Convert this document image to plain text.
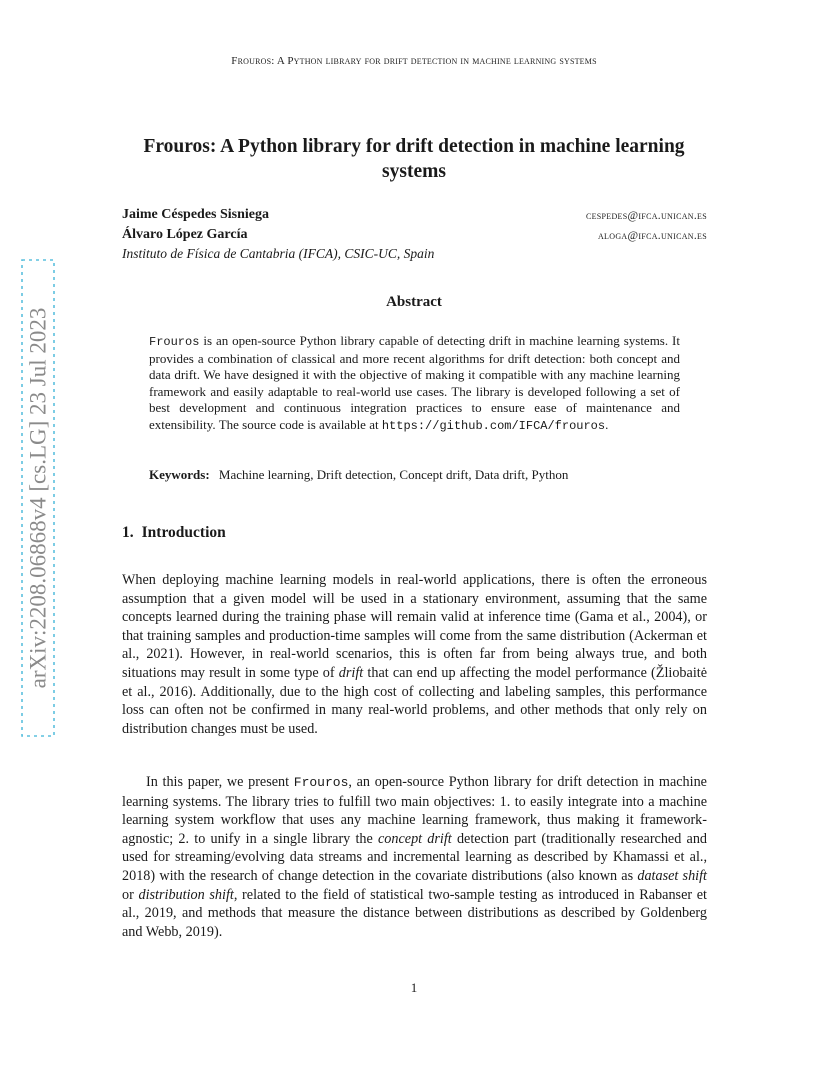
Frouros: A Python library for drift detection in machine learning systems
Frouros: A Python library for drift detection in machine learning systems
Jaime Céspedes Sisniega	cespedes@ifca.unican.es
Álvaro López García	aloga@ifca.unican.es
Instituto de Física de Cantabria (IFCA), CSIC-UC, Spain
Abstract
Frouros is an open-source Python library capable of detecting drift in machine learning systems. It provides a combination of classical and more recent algorithms for drift detection: both concept and data drift. We have designed it with the objective of making it compatible with any machine learning framework and easily adaptable to real-world use cases. The library is developed following a set of best development and continuous integration practices to ensure ease of maintenance and extensibility. The source code is available at https://github.com/IFCA/frouros.
Keywords: Machine learning, Drift detection, Concept drift, Data drift, Python
1. Introduction
When deploying machine learning models in real-world applications, there is often the erroneous assumption that a given model will be used in a stationary environment, assuming that the same concepts learned during the training phase will remain valid at inference time (Gama et al., 2004), or that training samples and production-time samples will come from the same distribution (Ackerman et al., 2021). However, in real-world scenarios, this is often far from being always true, and both situations may result in some type of drift that can end up affecting the model performance (Žliobaitė et al., 2016). Additionally, due to the high cost of collecting and labeling samples, this performance loss can often not be confirmed in many real-world problems, and other methods that only rely on distribution changes must be used.
In this paper, we present Frouros, an open-source Python library for drift detection in machine learning systems. The library tries to fulfill two main objectives: 1. to easily integrate into a machine learning system workflow that uses any machine learning framework, thus making it framework-agnostic; 2. to unify in a single library the concept drift detection part (traditionally researched and used for streaming/evolving data streams and incremental learning as described by Khamassi et al., 2018) with the research of change detection in the covariate distributions (also known as dataset shift or distribution shift, related to the field of statistical two-sample testing as introduced in Rabanser et al., 2019, and methods that measure the distance between distributions as described by Goldenberg and Webb, 2019).
1
arXiv:2208.06868v4 [cs.LG] 23 Jul 2023
